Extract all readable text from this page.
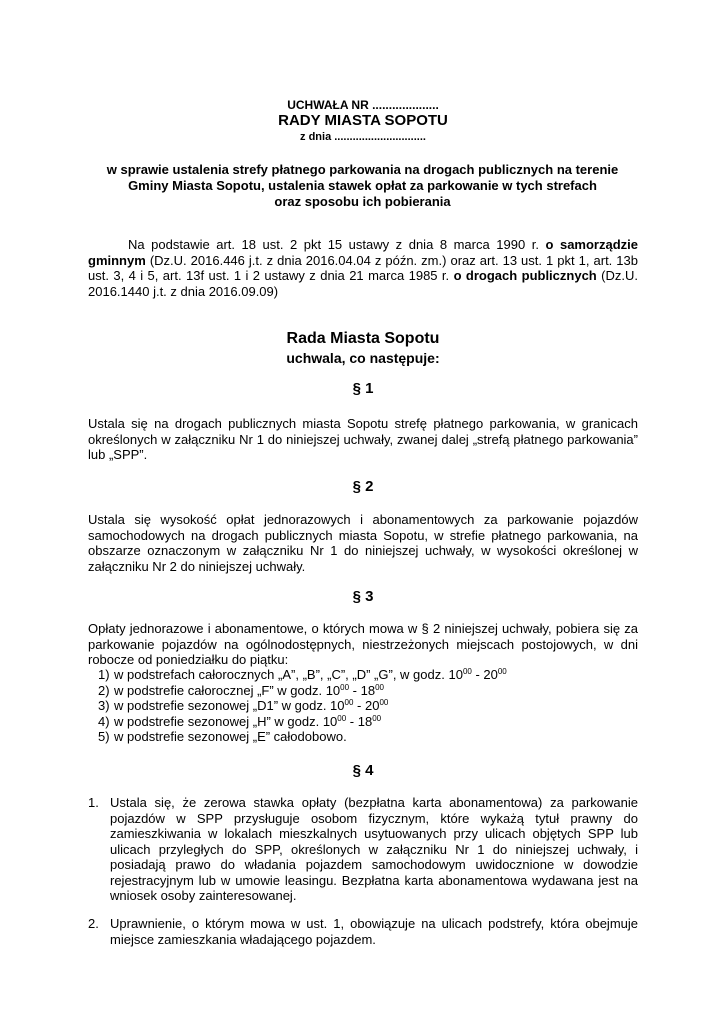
UCHWAŁA NR ....................
RADY MIASTA SOPOTU
z dnia ..............................
w sprawie ustalenia strefy płatnego parkowania na drogach publicznych na terenie
Gminy Miasta Sopotu, ustalenia stawek opłat za parkowanie w tych strefach
oraz sposobu ich pobierania
Na podstawie art. 18 ust. 2 pkt 15 ustawy z dnia 8 marca 1990 r. o samorządzie gminnym (Dz.U. 2016.446 j.t. z dnia 2016.04.04 z późn. zm.) oraz art. 13 ust. 1 pkt 1, art. 13b ust. 3, 4 i 5, art. 13f ust. 1 i 2 ustawy z dnia 21 marca 1985 r. o drogach publicznych (Dz.U. 2016.1440 j.t. z dnia 2016.09.09)
Rada Miasta Sopotu
uchwala, co następuje:
§ 1
Ustala się na drogach publicznych miasta Sopotu strefę płatnego parkowania, w granicach określonych w załączniku Nr 1 do niniejszej uchwały, zwanej dalej „strefą płatnego parkowania” lub „SPP”.
§ 2
Ustala się wysokość opłat jednorazowych i abonamentowych za parkowanie pojazdów samochodowych na drogach publicznych miasta Sopotu, w strefie płatnego parkowania, na obszarze oznaczonym w załączniku Nr 1 do niniejszej uchwały, w wysokości określonej w załączniku Nr 2 do niniejszej uchwały.
§ 3
Opłaty jednorazowe i abonamentowe, o których mowa w § 2 niniejszej uchwały, pobiera się za parkowanie pojazdów na ogólnodostępnych, niestrzeżonych miejscach postojowych, w dni robocze od poniedziałku do piątku:
1) w podstrefach całorocznych „A”, „B”, „C”, „D” „G”, w godz. $10^{00} - 20^{00}$
2) w podstrefie całorocznej „F” w godz. $10^{00} - 18^{00}$
3) w podstrefie sezonowej „D1” w godz. $10^{00} - 20^{00}$
4) w podstrefie sezonowej „H” w godz. $10^{00} - 18^{00}$
5) w podstrefie sezonowej „E” całodobowo.
§ 4
1. Ustala się, że zerowa stawka opłaty (bezpłatna karta abonamentowa) za parkowanie pojazdów w SPP przysługuje osobom fizycznym, które wykażą tytuł prawny do zamieszkiwania w lokalach mieszkalnych usytuowanych przy ulicach objętych SPP lub ulicach przyległych do SPP, określonych w załączniku Nr 1 do niniejszej uchwały, i posiadają prawo do władania pojazdem samochodowym uwidocznione w dowodzie rejestracyjnym lub w umowie leasingu. Bezpłatna karta abonamentowa wydawana jest na wniosek osoby zainteresowanej.
2. Uprawnienie, o którym mowa w ust. 1, obowiązuje na ulicach podstrefy, która obejmuje miejsce zamieszkania władającego pojazdem.
